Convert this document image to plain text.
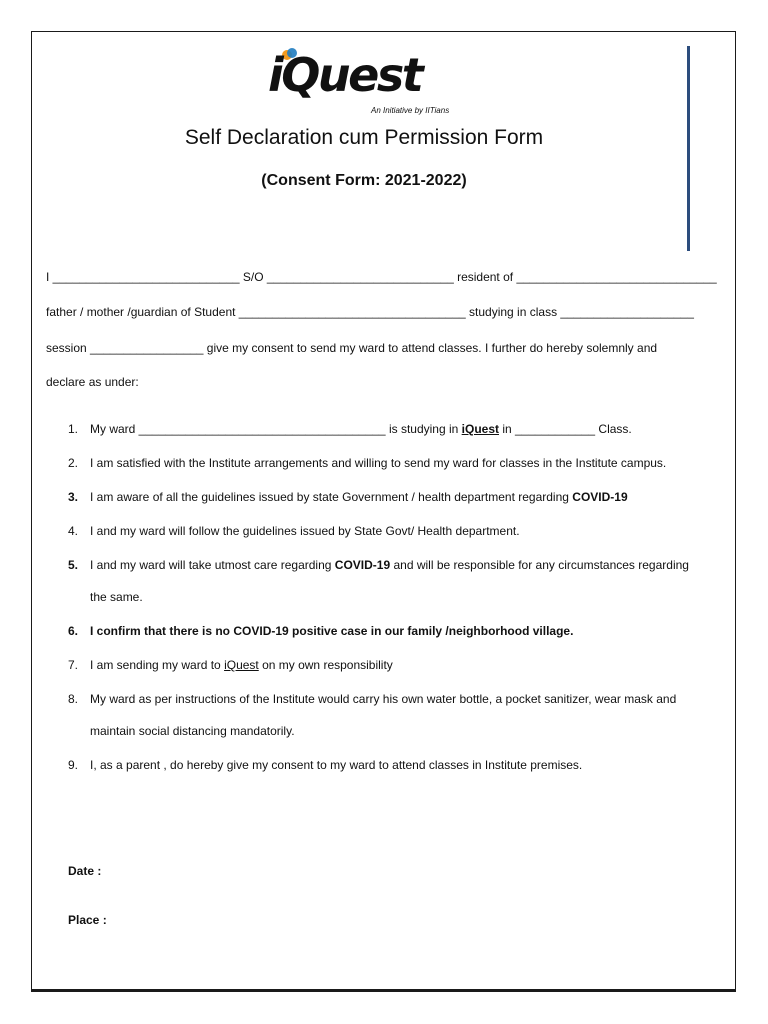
iQuest
An Initiative by IITians
Self Declaration cum Permission Form
(Consent Form: 2021-2022)
I ____________________________ S/O ____________________________ resident of ______________________________
father / mother /guardian of Student __________________________________ studying in class ____________________
session _________________ give my consent to send my ward to attend classes. I further do hereby solemnly and
declare as under:
1. My ward _____________________________________ is studying in iQuest in ____________ Class.
2. I am satisfied with the Institute arrangements and willing to send my ward for classes in the Institute campus.
3. I am aware of all the guidelines issued by state Government / health department regarding COVID-19
4. I and my ward will follow the guidelines issued by State Govt/ Health department.
5. I and my ward will take utmost care regarding COVID-19 and will be responsible for any circumstances regarding
the same.
6. I confirm that there is no COVID-19 positive case in our family /neighborhood village.
7. I am sending my ward to iQuest on my own responsibility
8. My ward as per instructions of the Institute would carry his own water bottle, a pocket sanitizer, wear mask and
maintain social distancing mandatorily.
9. I, as a parent , do hereby give my consent to my ward to attend classes in Institute premises.
Date :
Place :
